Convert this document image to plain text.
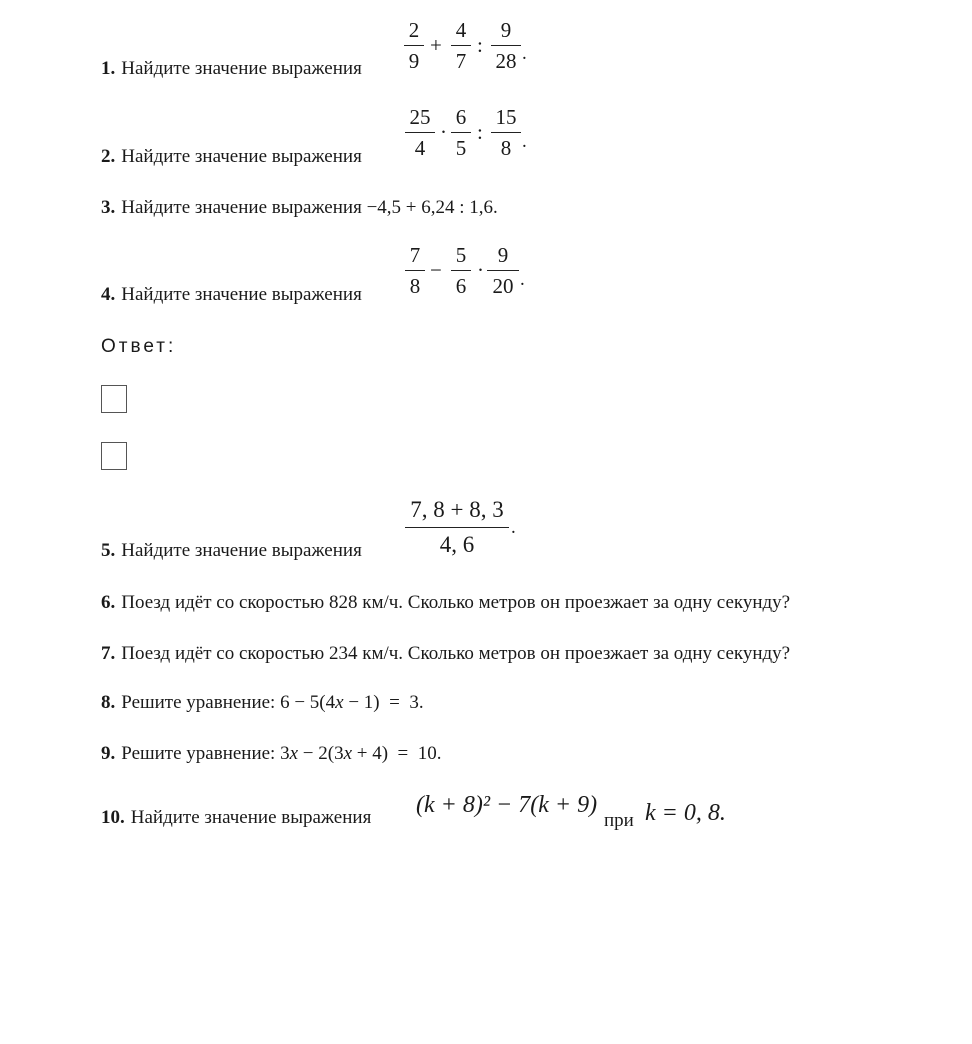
1. Найдите значение выражения
2
9
+
4
7
:
9
28 .
2. Найдите значение выражения
25
4
·
6
5
:
15
8 .
3. Найдите значение выражения −4,5 + 6,24 : 1,6.
4. Найдите значение выражения
7
8
−
5
6
·
9
20 .
Ответ:
5. Найдите значение выражения
7, 8 + 8, 3
4, 6
.
6. Поезд идёт со скоростью 828 км/ч. Сколько метров он проезжает за одну секунду?
7. Поезд идёт со скоростью 234 км/ч. Сколько метров он проезжает за одну секунду?
8. Решите уравнение: 6 − 5(4x − 1)  =  3.
9. Решите уравнение: 3x − 2(3x + 4)  =  10.
10. Найдите значение выражения (k + 8)² − 7(k + 9)
при k = 0, 8.
